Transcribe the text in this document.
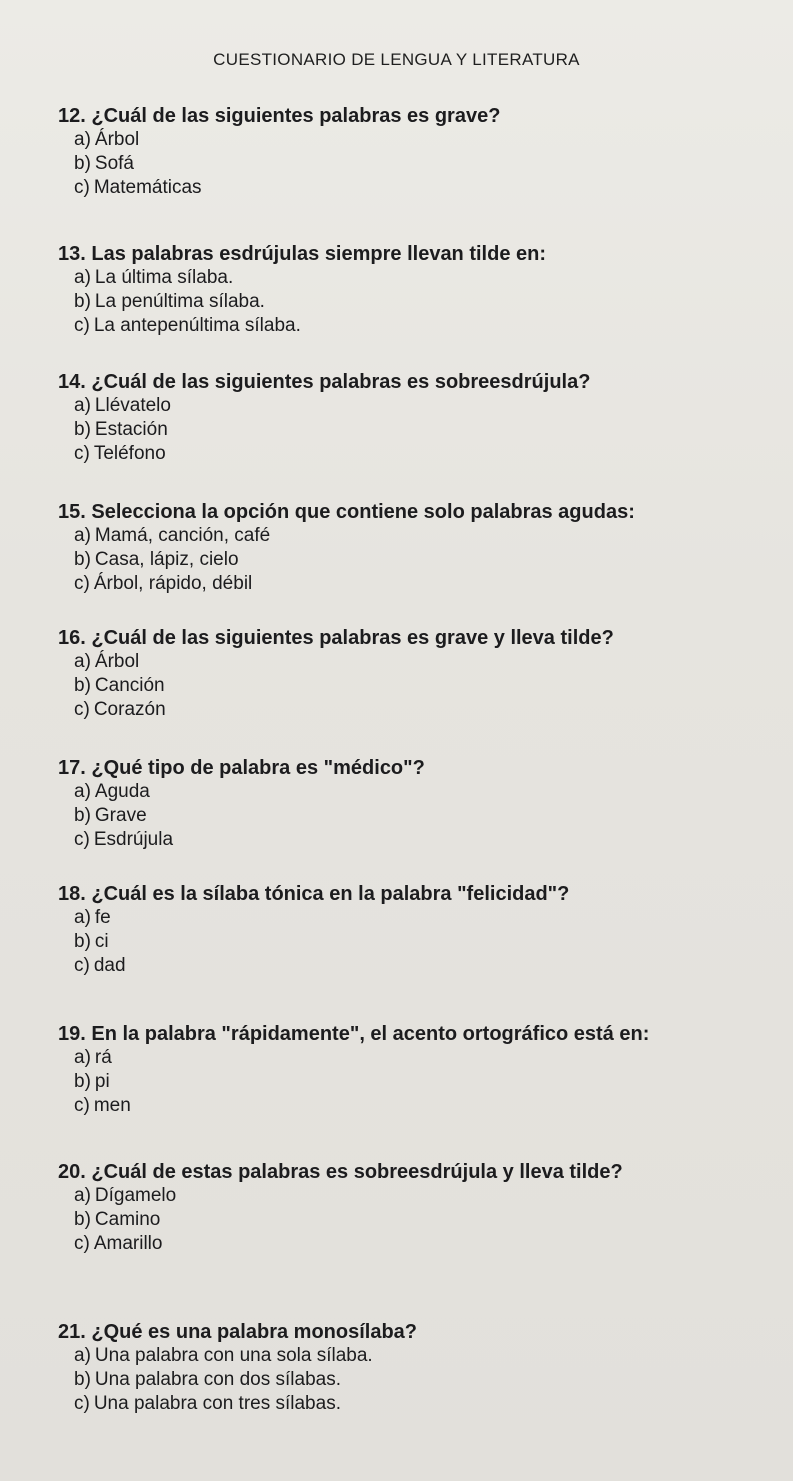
CUESTIONARIO DE LENGUA Y LITERATURA
12. ¿Cuál de las siguientes palabras es grave?
a) Árbol
b) Sofá
c) Matemáticas
13. Las palabras esdrújulas siempre llevan tilde en:
a) La última sílaba.
b) La penúltima sílaba.
c) La antepenúltima sílaba.
14. ¿Cuál de las siguientes palabras es sobreesdrújula?
a) Llévatelo
b) Estación
c) Teléfono
15. Selecciona la opción que contiene solo palabras agudas:
a) Mamá, canción, café
b) Casa, lápiz, cielo
c) Árbol, rápido, débil
16. ¿Cuál de las siguientes palabras es grave y lleva tilde?
a) Árbol
b) Canción
c) Corazón
17. ¿Qué tipo de palabra es "médico"?
a) Aguda
b) Grave
c) Esdrújula
18. ¿Cuál es la sílaba tónica en la palabra "felicidad"?
a) fe
b) ci
c) dad
19. En la palabra "rápidamente", el acento ortográfico está en:
a) rá
b) pi
c) men
20. ¿Cuál de estas palabras es sobreesdrújula y lleva tilde?
a) Dígamelo
b) Camino
c) Amarillo
21. ¿Qué es una palabra monosílaba?
a) Una palabra con una sola sílaba.
b) Una palabra con dos sílabas.
c) Una palabra con tres sílabas.
